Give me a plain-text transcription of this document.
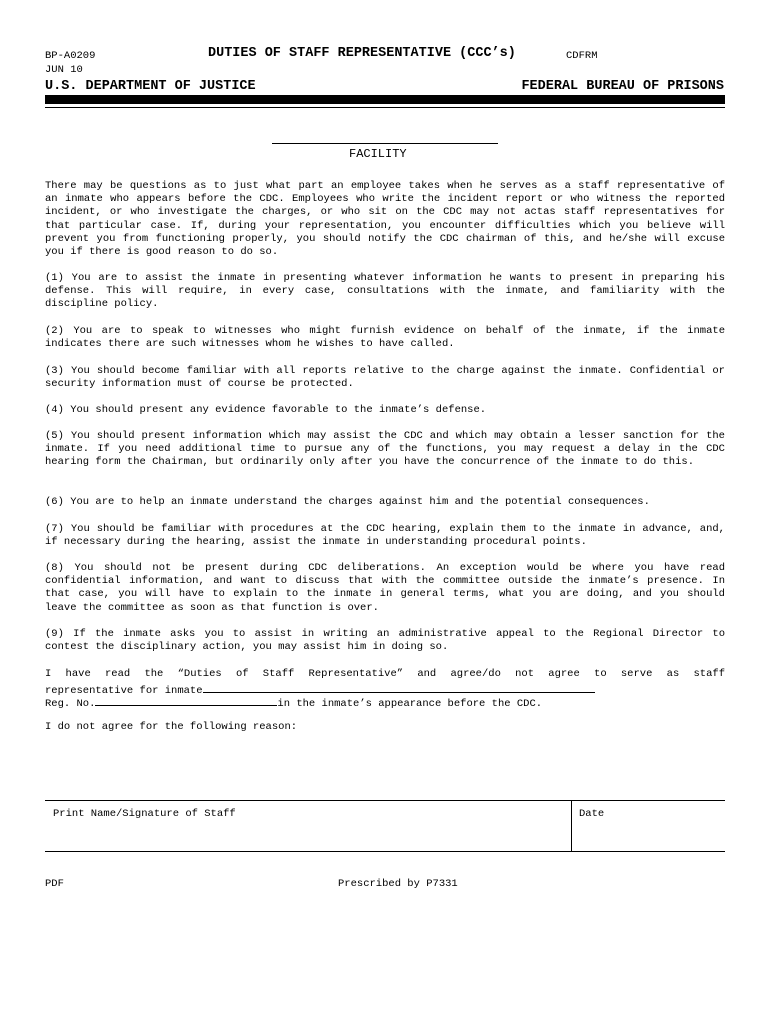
BP-A0209
JUN 10
DUTIES OF STAFF REPRESENTATIVE (CCC’s)	CDFRM
U.S. DEPARTMENT OF JUSTICE	FEDERAL BUREAU OF PRISONS
FACILITY
There may be questions as to just what part an employee takes when he serves as a staff representative of an inmate who appears before the CDC. Employees who write the incident report or who witness the reported incident, or who investigate the charges, or who sit on the CDC may not actas staff representatives for that particular case. If, during your representation, you encounter difficulties which you believe will prevent you from functioning properly, you should notify the CDC chairman of this, and he/she will excuse you if there is good reason to do so.
(1) You are to assist the inmate in presenting whatever information he wants to present in preparing his defense. This will require, in every case, consultations with the inmate, and familiarity with the discipline policy.
(2) You are to speak to witnesses who might furnish evidence on behalf of the inmate, if the inmate indicates there are such witnesses whom he wishes to have called.
(3) You should become familiar with all reports relative to the charge against the inmate. Confidential or security information must of course be protected.
(4) You should present any evidence favorable to the inmate’s defense.
(5) You should present information which may assist the CDC and which may obtain a lesser sanction for the inmate. If you need additional time to pursue any of the functions, you may request a delay in the CDC hearing form the Chairman, but ordinarily only after you have the concurrence of the inmate to do this.
(6) You are to help an inmate understand the charges against him and the potential consequences.
(7) You should be familiar with procedures at the CDC hearing, explain them to the inmate in advance, and, if necessary during the hearing, assist the inmate in understanding procedural points.
(8) You should not be present during CDC deliberations. An exception would be where you have read confidential information, and want to discuss that with the committee outside the inmate’s presence. In that case, you will have to explain to the inmate in general terms, what you are doing, and you should leave the committee as soon as that function is over.
(9) If the inmate asks you to assist in writing an administrative appeal to the Regional Director to contest the disciplinary action, you may assist him in doing so.
I have read the “Duties of Staff Representative” and agree/do not agree to serve as staff
representative for inmate
Reg. No.	in the inmate’s appearance before the CDC.
I do not agree for the following reason:
Print Name/Signature of Staff	Date
PDF	Prescribed by P7331
